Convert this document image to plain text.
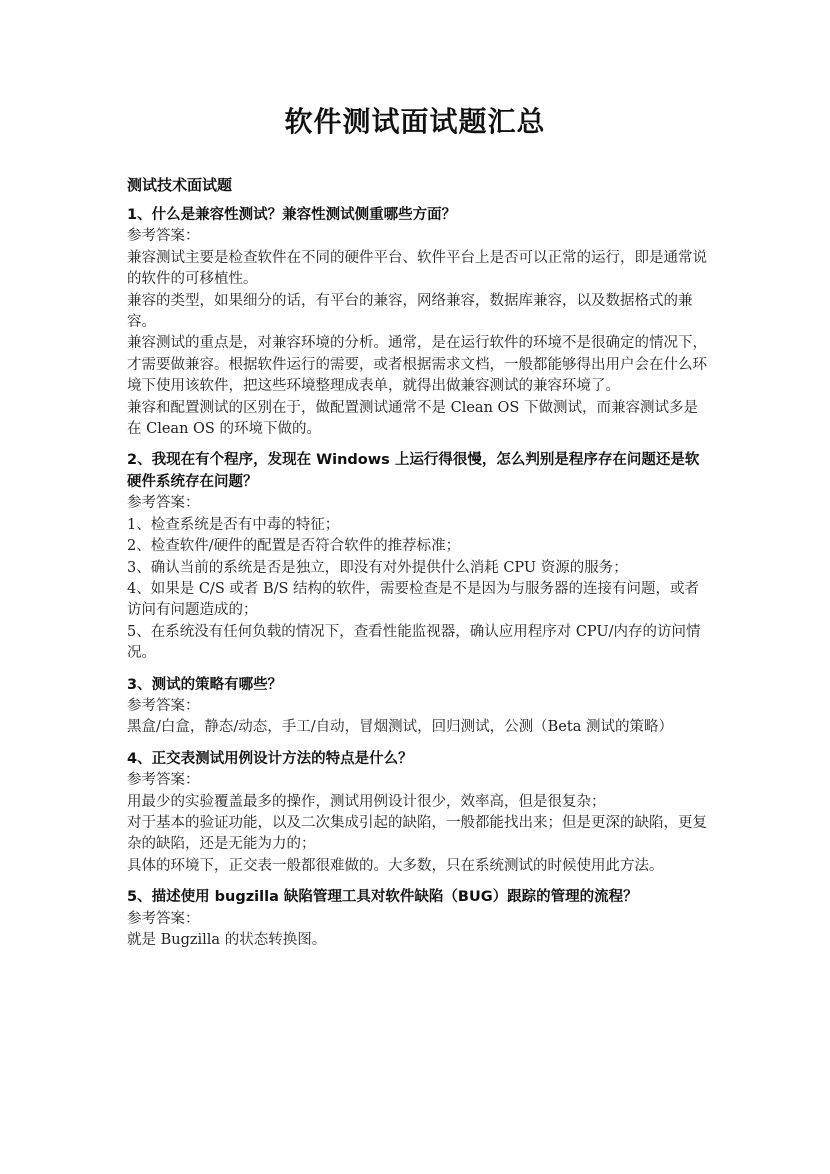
软件测试面试题汇总
测试技术面试题
1、什么是兼容性测试？兼容性测试侧重哪些方面？
参考答案：
兼容测试主要是检查软件在不同的硬件平台、软件平台上是否可以正常的运行，即是通常说的软件的可移植性。
兼容的类型，如果细分的话，有平台的兼容，网络兼容，数据库兼容，以及数据格式的兼容。
兼容测试的重点是，对兼容环境的分析。通常，是在运行软件的环境不是很确定的情况下，才需要做兼容。根据软件运行的需要，或者根据需求文档，一般都能够得出用户会在什么环境下使用该软件，把这些环境整理成表单，就得出做兼容测试的兼容环境了。
兼容和配置测试的区别在于，做配置测试通常不是 Clean OS 下做测试，而兼容测试多是在 Clean OS 的环境下做的。
2、我现在有个程序，发现在 Windows 上运行得很慢，怎么判别是程序存在问题还是软硬件系统存在问题？
参考答案：
1、检查系统是否有中毒的特征；
2、检查软件/硬件的配置是否符合软件的推荐标准；
3、确认当前的系统是否是独立，即没有对外提供什么消耗 CPU 资源的服务；
4、如果是 C/S 或者 B/S 结构的软件，需要检查是不是因为与服务器的连接有问题，或者访问有问题造成的；
5、在系统没有任何负载的情况下，查看性能监视器，确认应用程序对 CPU/内存的访问情况。
3、测试的策略有哪些？
参考答案：
黑盒/白盒，静态/动态，手工/自动，冒烟测试，回归测试，公测（Beta 测试的策略）
4、正交表测试用例设计方法的特点是什么？
参考答案：
用最少的实验覆盖最多的操作，测试用例设计很少，效率高，但是很复杂；
对于基本的验证功能，以及二次集成引起的缺陷，一般都能找出来；但是更深的缺陷，更复杂的缺陷，还是无能为力的；
具体的环境下，正交表一般都很难做的。大多数，只在系统测试的时候使用此方法。
5、描述使用 bugzilla 缺陷管理工具对软件缺陷（BUG）跟踪的管理的流程？
参考答案：
就是 Bugzilla 的状态转换图。
